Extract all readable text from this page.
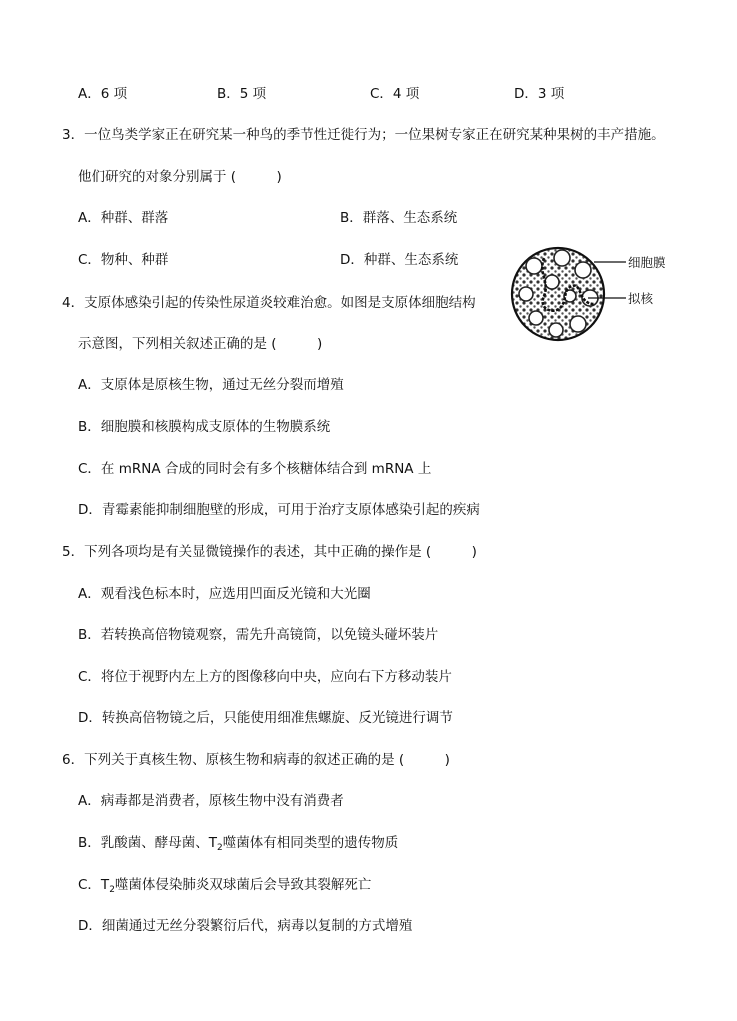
A．6 项	B．5 项	C．4 项	D．3 项
3．一位鸟类学家正在研究某一种鸟的季节性迁徙行为；一位果树专家正在研究某种果树的丰产措施。
他们研究的对象分别属于 (　　　)
A．种群、群落	B．群落、生态系统
C．物种、种群	D．种群、生态系统
4．支原体感染引起的传染性尿道炎较难治愈。如图是支原体细胞结构
示意图，下列相关叙述正确的是 (　　　)
细胞膜
拟核
A．支原体是原核生物，通过无丝分裂而增殖
B．细胞膜和核膜构成支原体的生物膜系统
C．在 mRNA 合成的同时会有多个核糖体结合到 mRNA 上
D．青霉素能抑制细胞壁的形成，可用于治疗支原体感染引起的疾病
5．下列各项均是有关显微镜操作的表述，其中正确的操作是 (　　　)
A．观看浅色标本时，应选用凹面反光镜和大光圈
B．若转换高倍物镜观察，需先升高镜筒，以免镜头碰坏装片
C．将位于视野内左上方的图像移向中央，应向右下方移动装片
D．转换高倍物镜之后，只能使用细准焦螺旋、反光镜进行调节
6．下列关于真核生物、原核生物和病毒的叙述正确的是 (　　　)
A．病毒都是消费者，原核生物中没有消费者
B．乳酸菌、酵母菌、$T_2$噬菌体有相同类型的遗传物质
C．$T_2$噬菌体侵染肺炎双球菌后会导致其裂解死亡
D．细菌通过无丝分裂繁衍后代，病毒以复制的方式增殖
